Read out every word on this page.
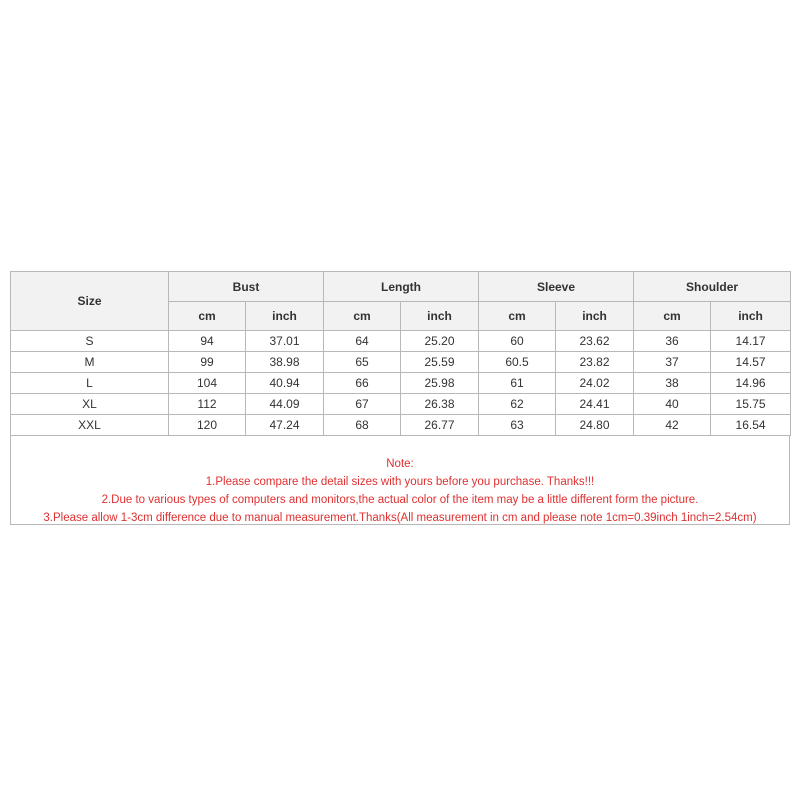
Size	Bust		Length		Sleeve		Shoulder	
	cm	inch	cm	inch	cm	inch	cm	inch
S	94	37.01	64	25.20	60	23.62	36	14.17
M	99	38.98	65	25.59	60.5	23.82	37	14.57
L	104	40.94	66	25.98	61	24.02	38	14.96
XL	112	44.09	67	26.38	62	24.41	40	15.75
XXL	120	47.24	68	26.77	63	24.80	42	16.54
Note:
1.Please compare the detail sizes with yours before you purchase. Thanks!!!
2.Due to various types of computers and monitors,the actual color of the item may be a little different form the picture.
3.Please allow 1-3cm difference due to manual measurement.Thanks(All measurement in cm and please note 1cm=0.39inch 1inch=2.54cm)
